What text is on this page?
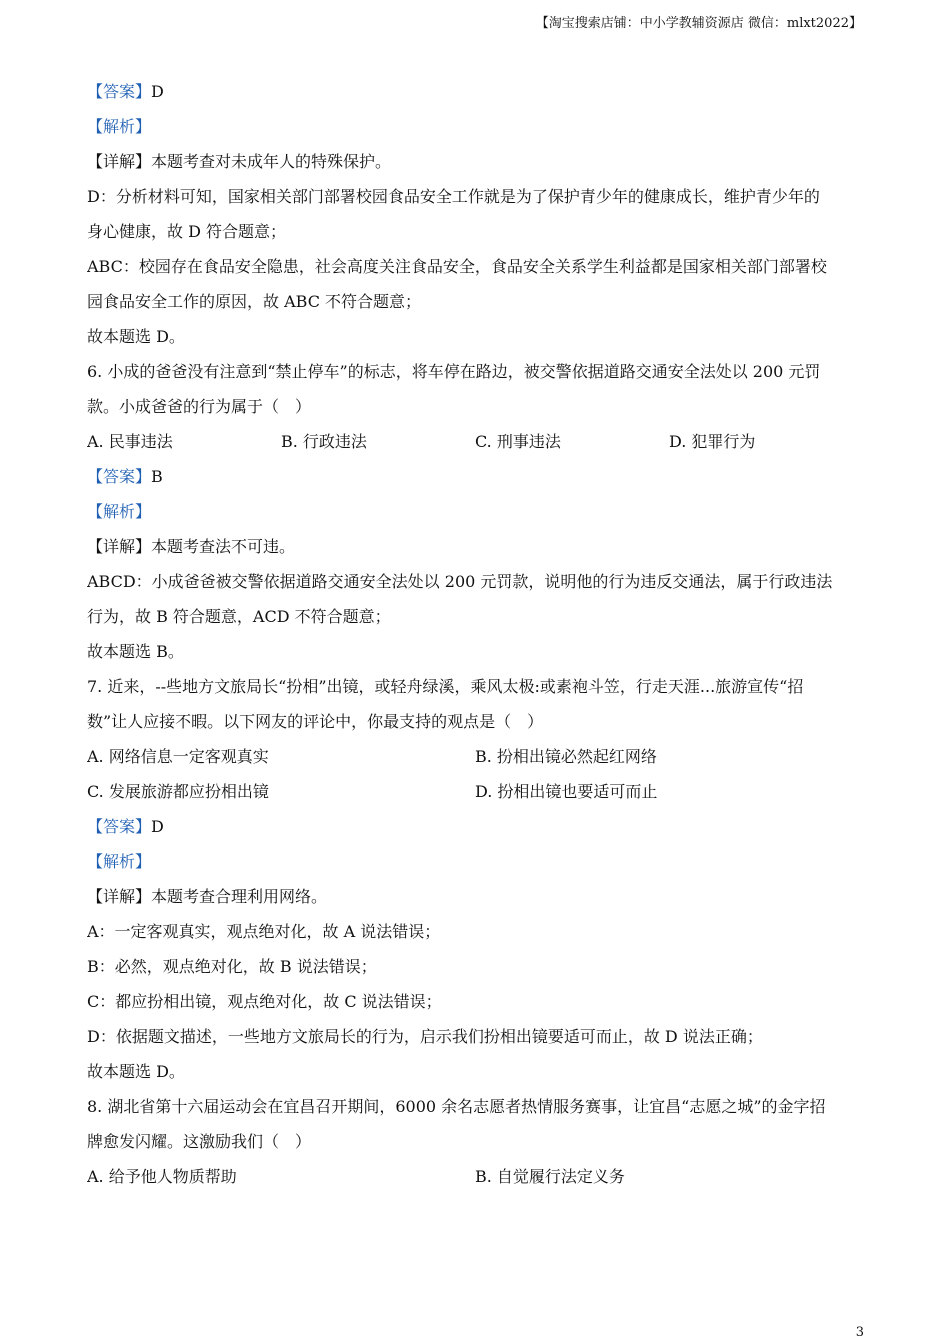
【淘宝搜索店铺：中小学教辅资源店 微信：mlxt2022】
【答案】D
【解析】
【详解】本题考查对未成年人的特殊保护。
D：分析材料可知，国家相关部门部署校园食品安全工作就是为了保护青少年的健康成长，维护青少年的
身心健康，故 D 符合题意；
ABC：校园存在食品安全隐患，社会高度关注食品安全，食品安全关系学生利益都是国家相关部门部署校
园食品安全工作的原因，故 ABC 不符合题意；
故本题选 D。
6. 小成的爸爸没有注意到“禁止停车”的标志，将车停在路边，被交警依据道路交通安全法处以 200 元罚
款。小成爸爸的行为属于（　）
A. 民事违法	B. 行政违法	C. 刑事违法	D. 犯罪行为
【答案】B
【解析】
【详解】本题考查法不可违。
ABCD：小成爸爸被交警依据道路交通安全法处以 200 元罚款，说明他的行为违反交通法，属于行政违法
行为，故 B 符合题意，ACD 不符合题意；
故本题选 B。
7. 近来，--些地方文旅局长“扮相”出镜，或轻舟绿溪，乘风太极:或素袍斗笠，行走天涯...旅游宣传“招
数”让人应接不暇。以下网友的评论中，你最支持的观点是（　）
A. 网络信息一定客观真实	B. 扮相出镜必然起红网络
C. 发展旅游都应扮相出镜	D. 扮相出镜也要适可而止
【答案】D
【解析】
【详解】本题考查合理利用网络。
A：一定客观真实，观点绝对化，故 A 说法错误；
B：必然，观点绝对化，故 B 说法错误；
C：都应扮相出镜，观点绝对化，故 C 说法错误；
D：依据题文描述，一些地方文旅局长的行为，启示我们扮相出镜要适可而止，故 D 说法正确；
故本题选 D。
8. 湖北省第十六届运动会在宜昌召开期间，6000 余名志愿者热情服务赛事，让宜昌“志愿之城”的金字招
牌愈发闪耀。这激励我们（　）
A. 给予他人物质帮助	B. 自觉履行法定义务
3
